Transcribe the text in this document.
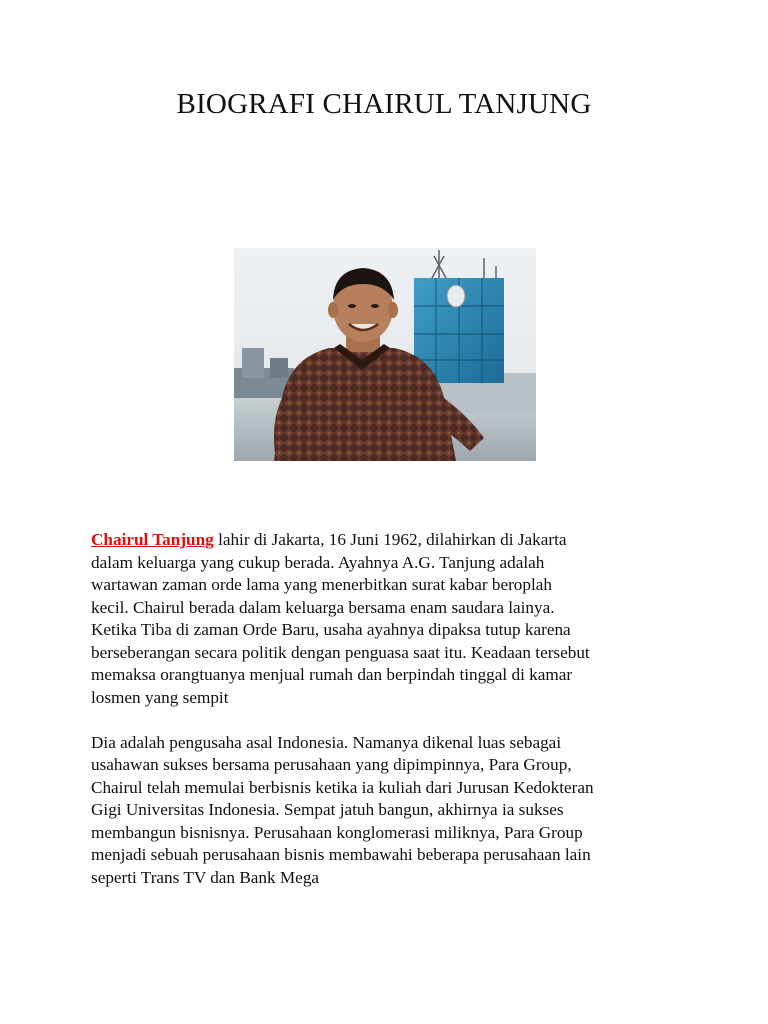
BIOGRAFI CHAIRUL TANJUNG

Chairul Tanjung lahir di Jakarta, 16 Juni 1962, dilahirkan di Jakarta
dalam keluarga yang cukup berada. Ayahnya A.G. Tanjung adalah
wartawan zaman orde lama yang menerbitkan surat kabar beroplah
kecil. Chairul berada dalam keluarga bersama enam saudara lainya.
Ketika Tiba di zaman Orde Baru, usaha ayahnya dipaksa tutup karena
berseberangan secara politik dengan penguasa saat itu. Keadaan tersebut
memaksa orangtuanya menjual rumah dan berpindah tinggal di kamar
losmen yang sempit

Dia adalah pengusaha asal Indonesia. Namanya dikenal luas sebagai
usahawan sukses bersama perusahaan yang dipimpinnya, Para Group,
Chairul telah memulai berbisnis ketika ia kuliah dari Jurusan Kedokteran
Gigi Universitas Indonesia. Sempat jatuh bangun, akhirnya ia sukses
membangun bisnisnya. Perusahaan konglomerasi miliknya, Para Group
menjadi sebuah perusahaan bisnis membawahi beberapa perusahaan lain
seperti Trans TV dan Bank Mega
